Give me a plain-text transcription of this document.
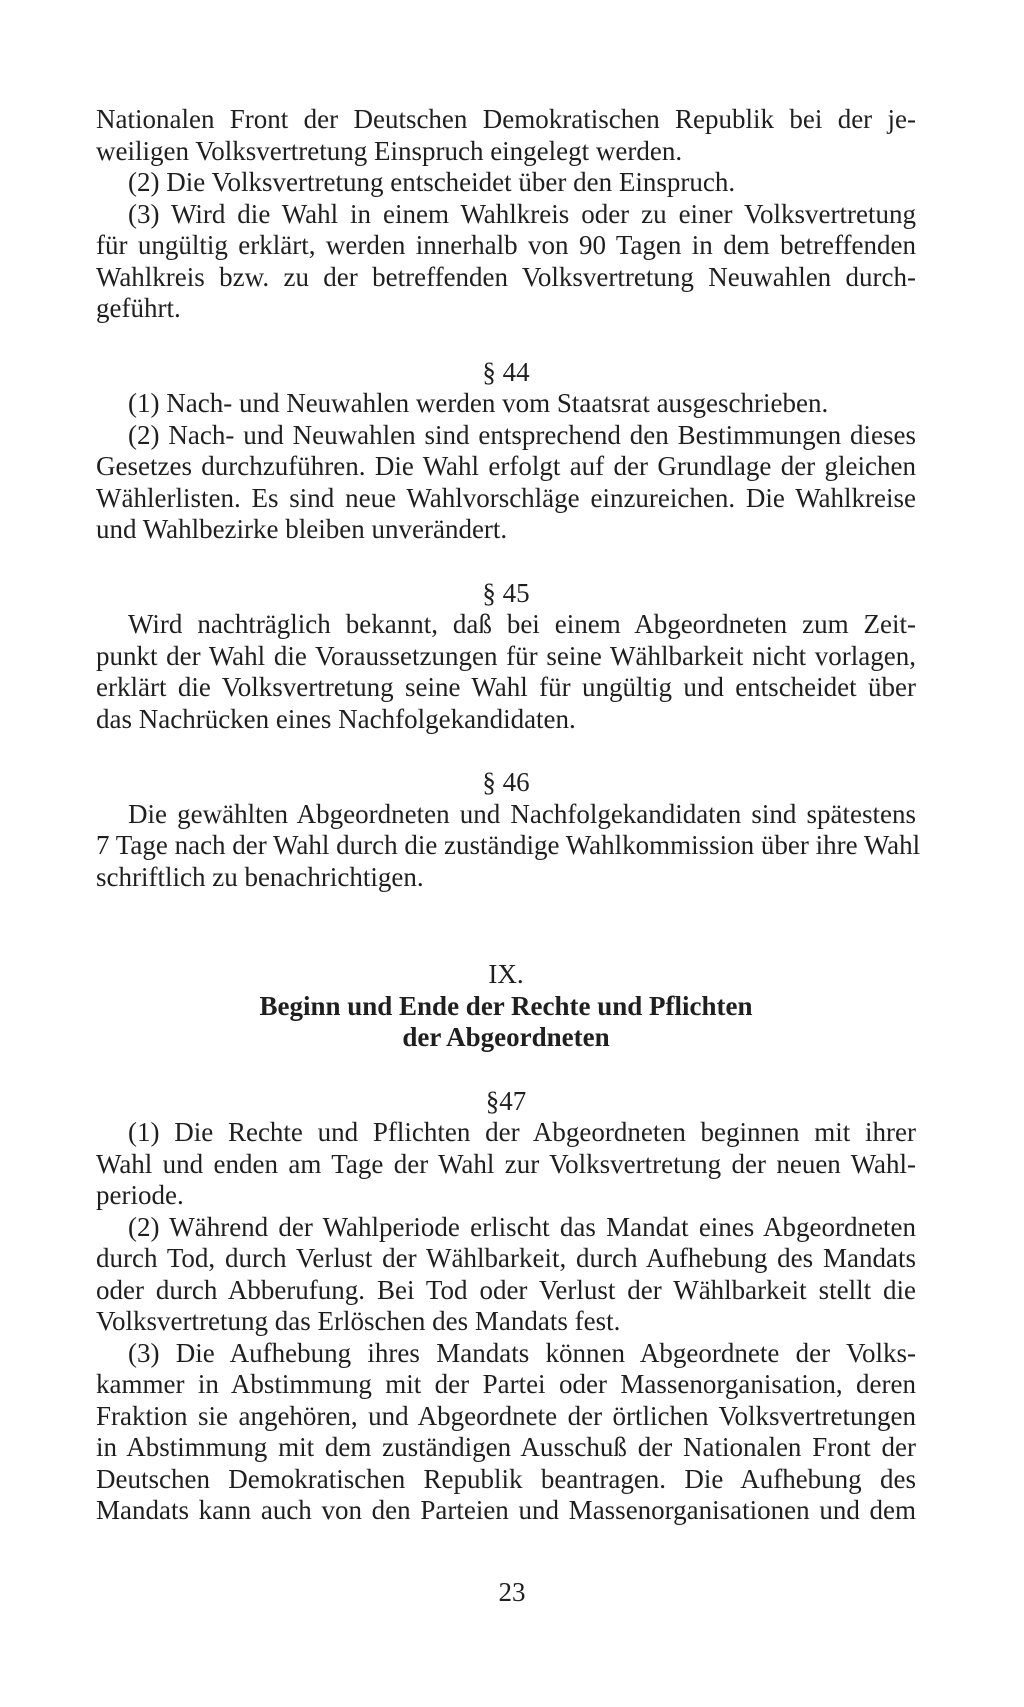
Nationalen Front der Deutschen Demokratischen Republik bei der je-
weiligen Volksvertretung Einspruch eingelegt werden.
(2) Die Volksvertretung entscheidet über den Einspruch.
(3) Wird die Wahl in einem Wahlkreis oder zu einer Volksvertretung
für ungültig erklärt, werden innerhalb von 90 Tagen in dem betreffenden
Wahlkreis bzw. zu der betreffenden Volksvertretung Neuwahlen durch-
geführt.
§ 44
(1) Nach- und Neuwahlen werden vom Staatsrat ausgeschrieben.
(2) Nach- und Neuwahlen sind entsprechend den Bestimmungen dieses
Gesetzes durchzuführen. Die Wahl erfolgt auf der Grundlage der gleichen
Wählerlisten. Es sind neue Wahlvorschläge einzureichen. Die Wahlkreise
und Wahlbezirke bleiben unverändert.
§ 45
Wird nachträglich bekannt, daß bei einem Abgeordneten zum Zeit-
punkt der Wahl die Voraussetzungen für seine Wählbarkeit nicht vorlagen,
erklärt die Volksvertretung seine Wahl für ungültig und entscheidet über
das Nachrücken eines Nachfolgekandidaten.
§ 46
Die gewählten Abgeordneten und Nachfolgekandidaten sind spätestens
7 Tage nach der Wahl durch die zuständige Wahlkommission über ihre Wahl
schriftlich zu benachrichtigen.
IX.
Beginn und Ende der Rechte und Pflichten
der Abgeordneten
§47
(1) Die Rechte und Pflichten der Abgeordneten beginnen mit ihrer
Wahl und enden am Tage der Wahl zur Volksvertretung der neuen Wahl-
periode.
(2) Während der Wahlperiode erlischt das Mandat eines Abgeordneten
durch Tod, durch Verlust der Wählbarkeit, durch Aufhebung des Mandats
oder durch Abberufung. Bei Tod oder Verlust der Wählbarkeit stellt die
Volksvertretung das Erlöschen des Mandats fest.
(3) Die Aufhebung ihres Mandats können Abgeordnete der Volks-
kammer in Abstimmung mit der Partei oder Massenorganisation, deren
Fraktion sie angehören, und Abgeordnete der örtlichen Volksvertretungen
in Abstimmung mit dem zuständigen Ausschuß der Nationalen Front der
Deutschen Demokratischen Republik beantragen. Die Aufhebung des
Mandats kann auch von den Parteien und Massenorganisationen und dem
23
